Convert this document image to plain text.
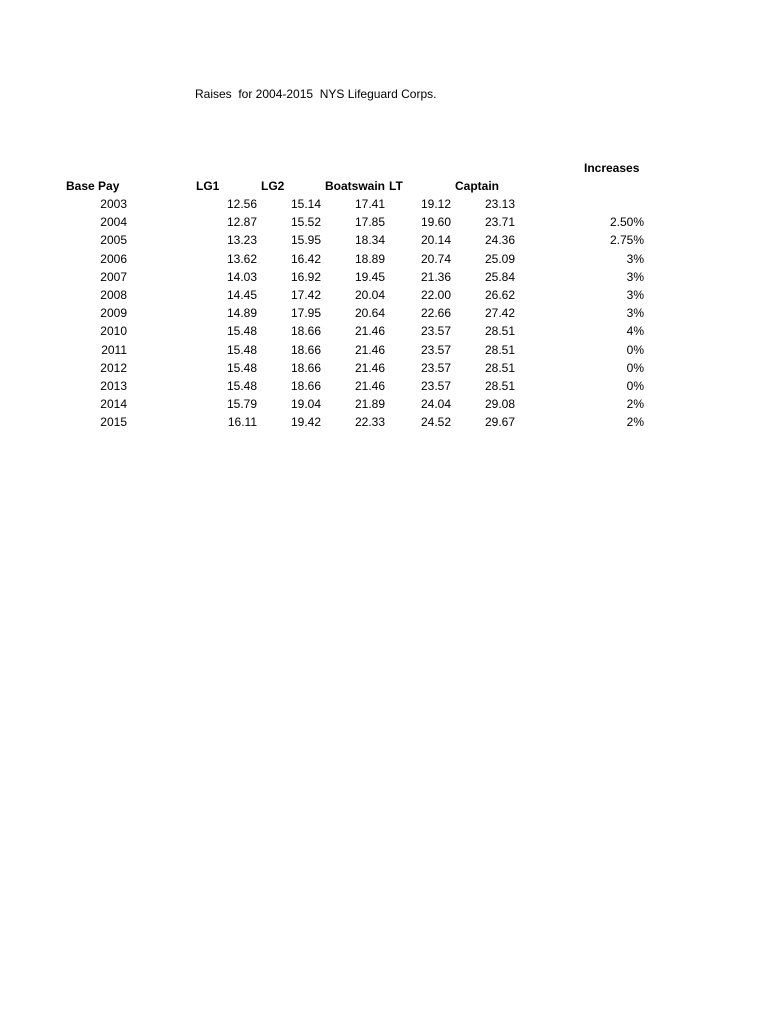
Raises  for 2004-2015  NYS Lifeguard Corps.
Increases
Base Pay	LG1	LG2	Boatswain LT	Captain
2003	12.56	15.14	17.41	19.12	23.13
2004	12.87	15.52	17.85	19.60	23.71	2.50%
2005	13.23	15.95	18.34	20.14	24.36	2.75%
2006	13.62	16.42	18.89	20.74	25.09	3%
2007	14.03	16.92	19.45	21.36	25.84	3%
2008	14.45	17.42	20.04	22.00	26.62	3%
2009	14.89	17.95	20.64	22.66	27.42	3%
2010	15.48	18.66	21.46	23.57	28.51	4%
2011	15.48	18.66	21.46	23.57	28.51	0%
2012	15.48	18.66	21.46	23.57	28.51	0%
2013	15.48	18.66	21.46	23.57	28.51	0%
2014	15.79	19.04	21.89	24.04	29.08	2%
2015	16.11	19.42	22.33	24.52	29.67	2%
